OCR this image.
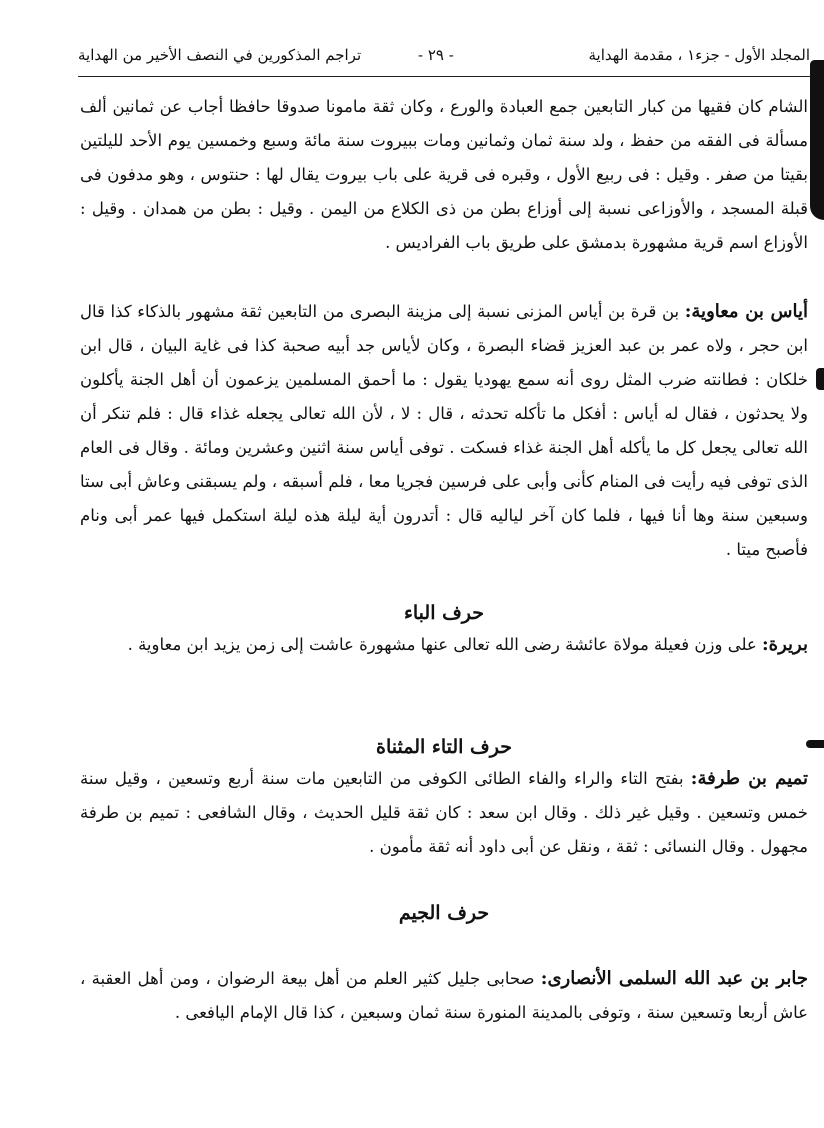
المجلد الأول - جزء١ ، مقدمة الهداية
- ٢٩ -
تراجم المذكورين في النصف الأخير من الهداية

الشام كان فقيها من كبار التابعين جمع العبادة والورع ، وكان ثقة مامونا صدوقا حافظا أجاب عن ثمانين ألف مسألة فى الفقه من حفظ ، ولد سنة ثمان وثمانين ومات ببيروت سنة مائة وسبع وخمسين يوم الأحد لليلتين بقيتا من صفر . وقيل : فى ربيع الأول ، وقبره فى قرية على باب بيروت يقال لها : حنتوس ، وهو مدفون فى قبلة المسجد ، والأوزاعى نسبة إلى أوزاع بطن من ذى الكلاع من اليمن . وقيل : بطن من همدان . وقيل : الأوزاع اسم قرية مشهورة بدمشق على طريق باب الفراديس .

أياس بن معاوية: بن قرة بن أياس المزنى نسبة إلى مزينة البصرى من التابعين ثقة مشهور بالذكاء كذا قال ابن حجر ، ولاه عمر بن عبد العزيز قضاء البصرة ، وكان لأياس جد أبيه صحبة كذا فى غاية البيان ، قال ابن خلكان : فطانته ضرب المثل روى أنه سمع يهوديا يقول : ما أحمق المسلمين يزعمون أن أهل الجنة يأكلون ولا يحدثون ، فقال له أياس : أفكل ما تأكله تحدثه ، قال : لا ، لأن الله تعالى يجعله غذاء قال : فلم تنكر أن الله تعالى يجعل كل ما يأكله أهل الجنة غذاء فسكت . توفى أياس سنة اثنين وعشرين ومائة . وقال فى العام الذى توفى فيه رأيت فى المنام كأنى وأبى على فرسين فجريا معا ، فلم أسبقه ، ولم يسبقنى وعاش أبى ستا وسبعين سنة وها أنا فيها ، فلما كان آخر لياليه قال : أتدرون أية ليلة هذه ليلة استكمل فيها عمر أبى ونام فأصبح ميتا .

حرف الباء

بريرة: على وزن فعيلة مولاة عائشة رضى الله تعالى عنها مشهورة عاشت إلى زمن يزيد ابن معاوية .

حرف التاء المثناة

تميم بن طرفة: بفتح التاء والراء والفاء الطائى الكوفى من التابعين مات سنة أربع وتسعين ، وقيل سنة خمس وتسعين . وقيل غير ذلك . وقال ابن سعد : كان ثقة قليل الحديث ، وقال الشافعى : تميم بن طرفة مجهول . وقال النسائى : ثقة ، ونقل عن أبى داود أنه ثقة مأمون .

حرف الجيم

جابر بن عبد الله السلمى الأنصارى: صحابى جليل كثير العلم من أهل بيعة الرضوان ، ومن أهل العقبة ، عاش أربعا وتسعين سنة ، وتوفى بالمدينة المنورة سنة ثمان وسبعين ، كذا قال الإمام اليافعى .
